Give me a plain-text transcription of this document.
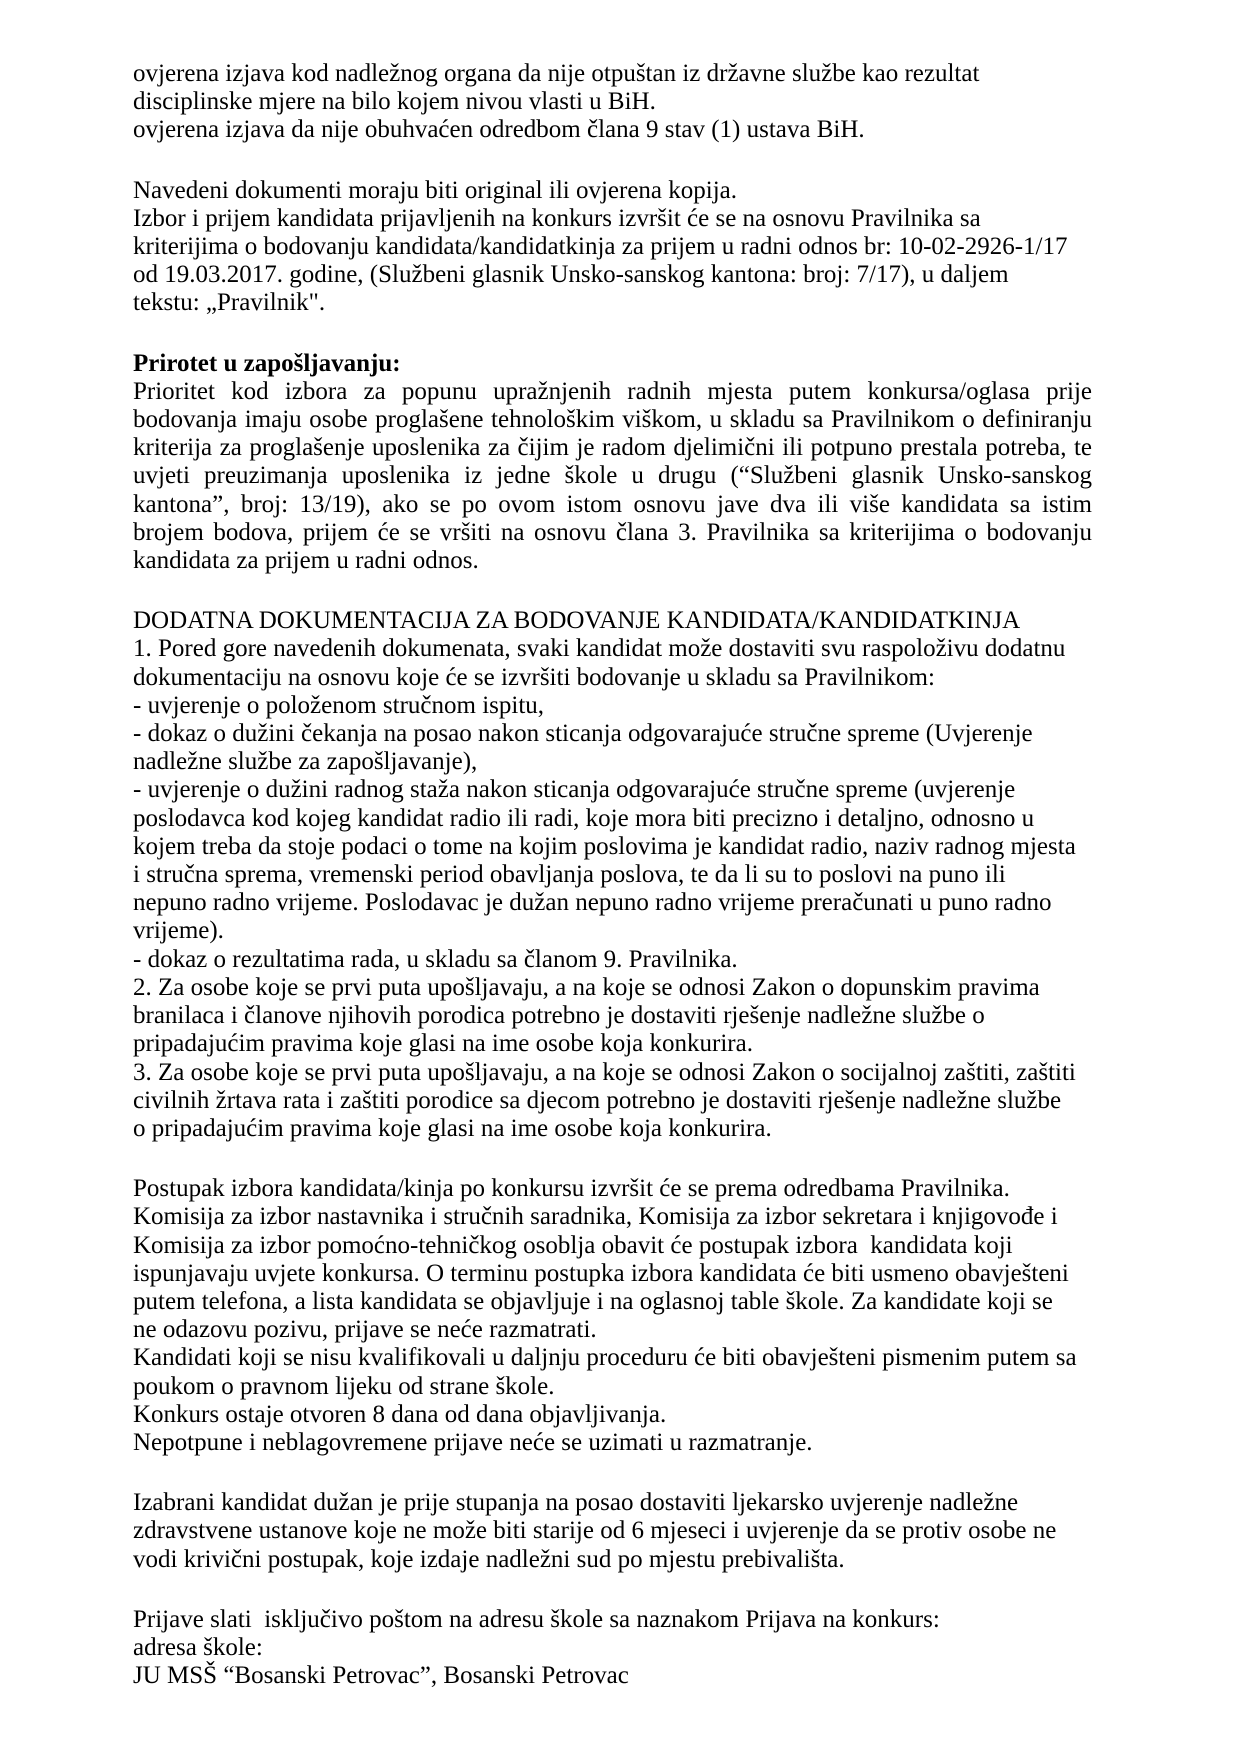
ovjerena izjava kod nadležnog organa da nije otpuštan iz državne službe kao rezultat
disciplinske mjere na bilo kojem nivou vlasti u BiH.
ovjerena izjava da nije obuhvaćen odredbom člana 9 stav (1) ustava BiH.
Navedeni dokumenti moraju biti original ili ovjerena kopija.
Izbor i prijem kandidata prijavljenih na konkurs izvršit će se na osnovu Pravilnika sa
kriterijima o bodovanju kandidata/kandidatkinja za prijem u radni odnos br: 10-02-2926-1/17
od 19.03.2017. godine, (Službeni glasnik Unsko-sanskog kantona: broj: 7/17), u daljem
tekstu: „Pravilnik".
Prirotet u zapošljavanju:
Prioritet kod izbora za popunu upražnjenih radnih mjesta putem konkursa/oglasa prije
bodovanja imaju osobe proglašene tehnološkim viškom, u skladu sa Pravilnikom o definiranju
kriterija za proglašenje uposlenika za čijim je radom djelimični ili potpuno prestala potreba, te
uvjeti preuzimanja uposlenika iz jedne škole u drugu (“Službeni glasnik Unsko-sanskog
kantona”, broj: 13/19), ako se po ovom istom osnovu jave dva ili više kandidata sa istim
brojem bodova, prijem će se vršiti na osnovu člana 3. Pravilnika sa kriterijima o bodovanju
kandidata za prijem u radni odnos.
DODATNA DOKUMENTACIJA ZA BODOVANJE KANDIDATA/KANDIDATKINJA
1. Pored gore navedenih dokumenata, svaki kandidat može dostaviti svu raspoloživu dodatnu
dokumentaciju na osnovu koje će se izvršiti bodovanje u skladu sa Pravilnikom:
- uvjerenje o položenom stručnom ispitu,
- dokaz o dužini čekanja na posao nakon sticanja odgovarajuće stručne spreme (Uvjerenje
nadležne službe za zapošljavanje),
- uvjerenje o dužini radnog staža nakon sticanja odgovarajuće stručne spreme (uvjerenje
poslodavca kod kojeg kandidat radio ili radi, koje mora biti precizno i detaljno, odnosno u
kojem treba da stoje podaci o tome na kojim poslovima je kandidat radio, naziv radnog mjesta
i stručna sprema, vremenski period obavljanja poslova, te da li su to poslovi na puno ili
nepuno radno vrijeme. Poslodavac je dužan nepuno radno vrijeme preračunati u puno radno
vrijeme).
- dokaz o rezultatima rada, u skladu sa članom 9. Pravilnika.
2. Za osobe koje se prvi puta upošljavaju, a na koje se odnosi Zakon o dopunskim pravima
branilaca i članove njihovih porodica potrebno je dostaviti rješenje nadležne službe o
pripadajućim pravima koje glasi na ime osobe koja konkurira.
3. Za osobe koje se prvi puta upošljavaju, a na koje se odnosi Zakon o socijalnoj zaštiti, zaštiti
civilnih žrtava rata i zaštiti porodice sa djecom potrebno je dostaviti rješenje nadležne službe
o pripadajućim pravima koje glasi na ime osobe koja konkurira.
Postupak izbora kandidata/kinja po konkursu izvršit će se prema odredbama Pravilnika.
Komisija za izbor nastavnika i stručnih saradnika, Komisija za izbor sekretara i knjigovođe i
Komisija za izbor pomoćno-tehničkog osoblja obavit će postupak izbora  kandidata koji
ispunjavaju uvjete konkursa. O terminu postupka izbora kandidata će biti usmeno obavješteni
putem telefona, a lista kandidata se objavljuje i na oglasnoj table škole. Za kandidate koji se
ne odazovu pozivu, prijave se neće razmatrati.
Kandidati koji se nisu kvalifikovali u daljnju proceduru će biti obavješteni pismenim putem sa
poukom o pravnom lijeku od strane škole.
Konkurs ostaje otvoren 8 dana od dana objavljivanja.
Nepotpune i neblagovremene prijave neće se uzimati u razmatranje.
Izabrani kandidat dužan je prije stupanja na posao dostaviti ljekarsko uvjerenje nadležne
zdravstvene ustanove koje ne može biti starije od 6 mjeseci i uvjerenje da se protiv osobe ne
vodi krivični postupak, koje izdaje nadležni sud po mjestu prebivališta.
Prijave slati  isključivo poštom na adresu škole sa naznakom Prijava na konkurs:
adresa škole:
JU MSŠ “Bosanski Petrovac”, Bosanski Petrovac
